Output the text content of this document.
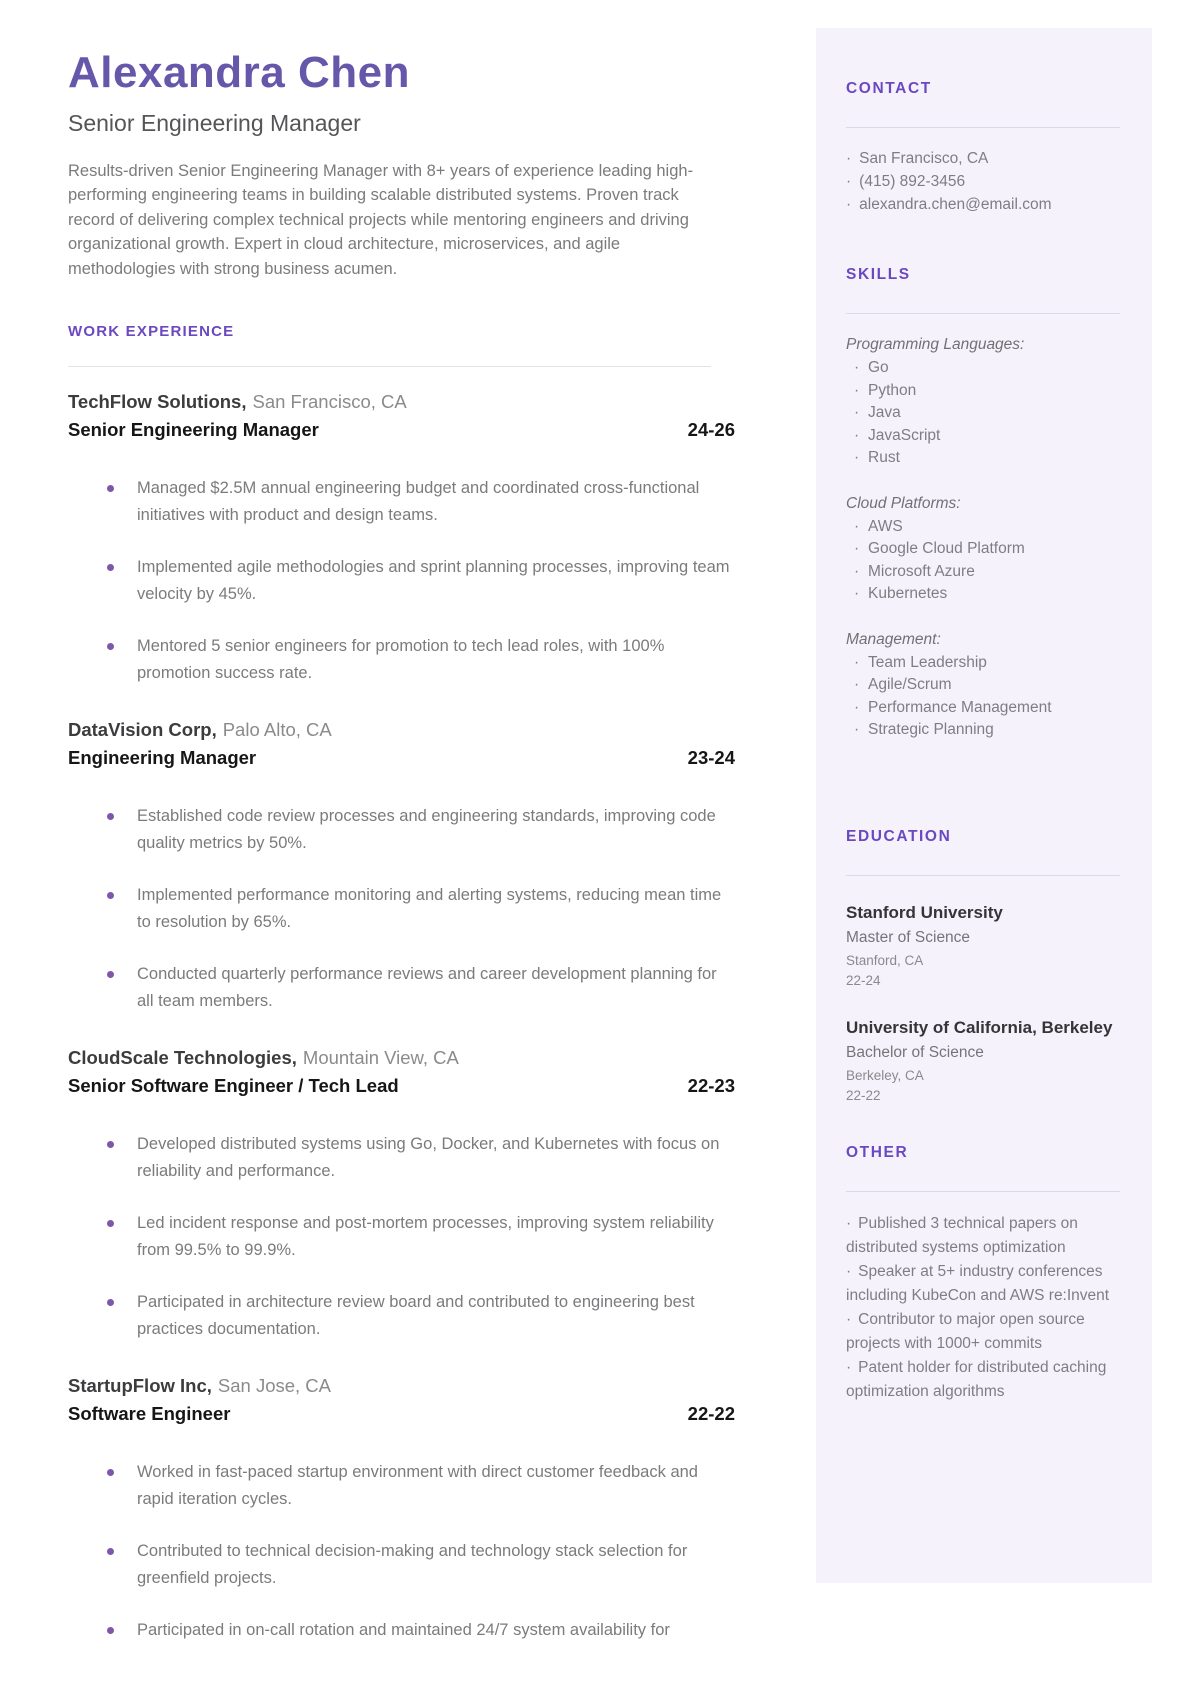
Alexandra Chen
Senior Engineering Manager

Results-driven Senior Engineering Manager with 8+ years of experience leading high-performing engineering teams in building scalable distributed systems. Proven track record of delivering complex technical projects while mentoring engineers and driving organizational growth. Expert in cloud architecture, microservices, and agile methodologies with strong business acumen.

WORK EXPERIENCE
TechFlow Solutions, San Francisco, CA
Senior Engineering Manager	24-26
Managed $2.5M annual engineering budget and coordinated cross-functional initiatives with product and design teams.
Implemented agile methodologies and sprint planning processes, improving team velocity by 45%.
Mentored 5 senior engineers for promotion to tech lead roles, with 100% promotion success rate.
DataVision Corp, Palo Alto, CA
Engineering Manager	23-24
Established code review processes and engineering standards, improving code quality metrics by 50%.
Implemented performance monitoring and alerting systems, reducing mean time to resolution by 65%.
Conducted quarterly performance reviews and career development planning for all team members.
CloudScale Technologies, Mountain View, CA
Senior Software Engineer / Tech Lead	22-23
Developed distributed systems using Go, Docker, and Kubernetes with focus on reliability and performance.
Led incident response and post-mortem processes, improving system reliability from 99.5% to 99.9%.
Participated in architecture review board and contributed to engineering best practices documentation.
StartupFlow Inc, San Jose, CA
Software Engineer	22-22
Worked in fast-paced startup environment with direct customer feedback and rapid iteration cycles.
Contributed to technical decision-making and technology stack selection for greenfield projects.
Participated in on-call rotation and maintained 24/7 system availability for
CONTACT
· San Francisco, CA
· (415) 892-3456
· alexandra.chen@email.com
SKILLS
Programming Languages:
· Go
· Python
· Java
· JavaScript
· Rust
Cloud Platforms:
· AWS
· Google Cloud Platform
· Microsoft Azure
· Kubernetes
Management:
· Team Leadership
· Agile/Scrum
· Performance Management
· Strategic Planning
EDUCATION
Stanford University
Master of Science
Stanford, CA
22-24
University of California, Berkeley
Bachelor of Science
Berkeley, CA
22-22
OTHER
· Published 3 technical papers on distributed systems optimization
· Speaker at 5+ industry conferences including KubeCon and AWS re:Invent
· Contributor to major open source projects with 1000+ commits
· Patent holder for distributed caching optimization algorithms
